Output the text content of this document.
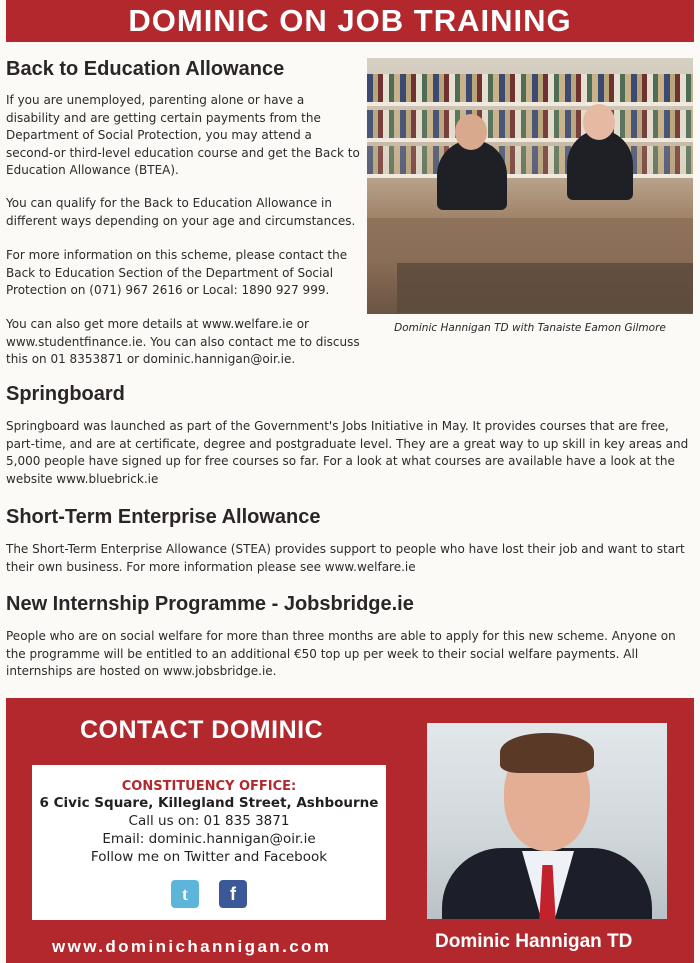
DOMINIC ON JOB TRAINING
Back to Education Allowance

If you are unemployed, parenting alone or have a disability and are getting certain payments from the Department of Social Protection, you may attend a second-or third-level education course and get the Back to Education Allowance (BTEA).

You can qualify for the Back to Education Allowance in different ways depending on your age and circumstances.

For more information on this scheme, please contact the Back to Education Section of the Department of Social Protection on (071) 967 2616 or Local: 1890 927 999.

You can also get more details at www.welfare.ie or www.studentfinance.ie. You can also contact me to discuss this on 01 8353871 or dominic.hannigan@oir.ie.

Dominic Hannigan TD with Tanaiste Eamon Gilmore
Springboard

Springboard was launched as part of the Government's Jobs Initiative in May. It provides courses that are free, part-time, and are at certificate, degree and postgraduate level. They are a great way to up skill in key areas and 5,000 people have signed up for free courses so far. For a look at what courses are available have a look at the website www.bluebrick.ie

Short-Term Enterprise Allowance

The Short-Term Enterprise Allowance (STEA) provides support to people who have lost their job and want to start their own business. For more information please see www.welfare.ie

New Internship Programme - Jobsbridge.ie

People who are on social welfare for more than three months are able to apply for this new scheme. Anyone on the programme will be entitled to an additional €50 top up per week to their social welfare payments. All internships are hosted on www.jobsbridge.ie.

CONTACT DOMINIC
CONSTITUENCY OFFICE:
6 Civic Square, Killegland Street, Ashbourne
Call us on: 01 835 3871
Email: dominic.hannigan@oir.ie
Follow me on Twitter and Facebook
t	f
www.dominichannigan.com	Dominic Hannigan TD
